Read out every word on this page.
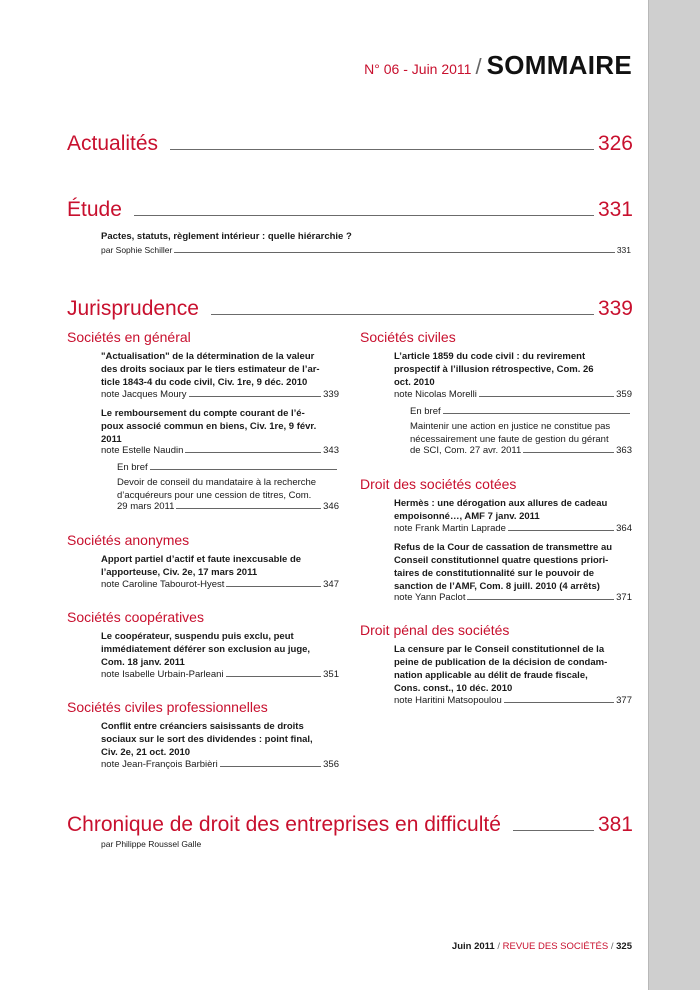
N° 06 - Juin 2011 / SOMMAIRE
Actualités	326
Étude	331
Pactes, statuts, règlement intérieur : quelle hiérarchie ?
par Sophie Schiller	331
Jurisprudence	339
Sociétés en général
"Actualisation" de la détermination de la valeur
des droits sociaux par le tiers estimateur de l’ar-
ticle 1843-4 du code civil, Civ. 1re, 9 déc. 2010
note Jacques Moury	339
Le remboursement du compte courant de l’é-
poux associé commun en biens, Civ. 1re, 9 févr.
2011
note Estelle Naudin	343
En bref
Devoir de conseil du mandataire à la recherche
d’acquéreurs pour une cession de titres, Com.
29 mars 2011	346
Sociétés anonymes
Apport partiel d’actif et faute inexcusable de
l’apporteuse, Civ. 2e, 17 mars 2011
note Caroline Tabourot-Hyest	347
Sociétés coopératives
Le coopérateur, suspendu puis exclu, peut
immédiatement déférer son exclusion au juge,
Com. 18 janv. 2011
note Isabelle Urbain-Parleani	351
Sociétés civiles professionnelles
Conflit entre créanciers saisissants de droits
sociaux sur le sort des dividendes : point final,
Civ. 2e, 21 oct. 2010
note Jean-François Barbièri	356
Sociétés civiles
L’article 1859 du code civil : du revirement
prospectif à l’illusion rétrospective, Com. 26
oct. 2010
note Nicolas Morelli	359
En bref
Maintenir une action en justice ne constitue pas
nécessairement une faute de gestion du gérant
de SCI, Com. 27 avr. 2011	363
Droit des sociétés cotées
Hermès : une dérogation aux allures de cadeau
empoisonné…, AMF 7 janv. 2011
note Frank Martin Laprade	364
Refus de la Cour de cassation de transmettre au
Conseil constitutionnel quatre questions priori-
taires de constitutionnalité sur le pouvoir de
sanction de l’AMF, Com. 8 juill. 2010 (4 arrêts)
note Yann Paclot	371
Droit pénal des sociétés
La censure par le Conseil constitutionnel de la
peine de publication de la décision de condam-
nation applicable au délit de fraude fiscale,
Cons. const., 10 déc. 2010
note Haritini Matsopoulou	377
Chronique de droit des entreprises en difficulté	381
par Philippe Roussel Galle
Juin 2011 / REVUE DES SOCIÉTÉS / 325
